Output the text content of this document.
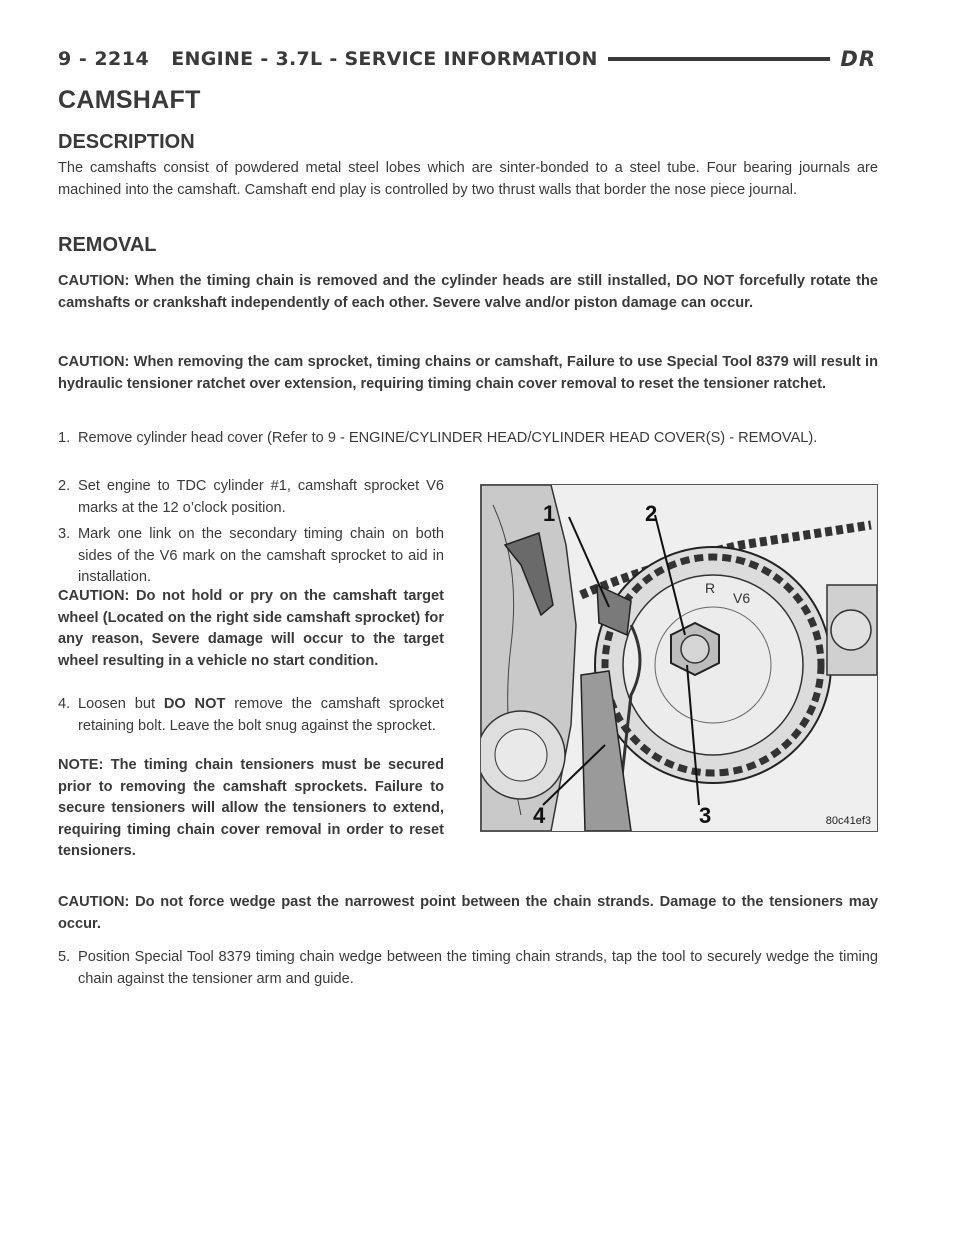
9 - 2214 ENGINE - 3.7L - SERVICE INFORMATION	DR
CAMSHAFT
DESCRIPTION

The camshafts consist of powdered metal steel lobes which are sinter-bonded to a steel tube. Four bearing journals are machined into the camshaft. Camshaft end play is controlled by two thrust walls that border the nose piece journal.

REMOVAL

CAUTION: When the timing chain is removed and the cylinder heads are still installed, DO NOT forcefully rotate the camshafts or crankshaft independently of each other. Severe valve and/or piston damage can occur.

CAUTION: When removing the cam sprocket, timing chains or camshaft, Failure to use Special Tool 8379 will result in hydraulic tensioner ratchet over extension, requiring timing chain cover removal to reset the tensioner ratchet.

1. Remove cylinder head cover (Refer to 9 - ENGINE/CYLINDER HEAD/CYLINDER HEAD COVER(S) - REMOVAL).
2. Set engine to TDC cylinder #1, camshaft sprocket V6 marks at the 12 o’clock position.
3. Mark one link on the secondary timing chain on both sides of the V6 mark on the camshaft sprocket to aid in installation.

CAUTION: Do not hold or pry on the camshaft target wheel (Located on the right side camshaft sprocket) for any reason, Severe damage will occur to the target wheel resulting in a vehicle no start condition.

4. Loosen but DO NOT remove the camshaft sprocket retaining bolt. Leave the bolt snug against the sprocket.

NOTE: The timing chain tensioners must be secured prior to removing the camshaft sprockets. Failure to secure tensioners will allow the tensioners to extend, requiring timing chain cover removal in order to reset tensioners.

CAUTION: Do not force wedge past the narrowest point between the chain strands. Damage to the tensioners may occur.

5. Position Special Tool 8379 timing chain wedge between the timing chain strands, tap the tool to securely wedge the timing chain against the tensioner arm and guide.
R
V6
1	2
3
4	80c41ef3
